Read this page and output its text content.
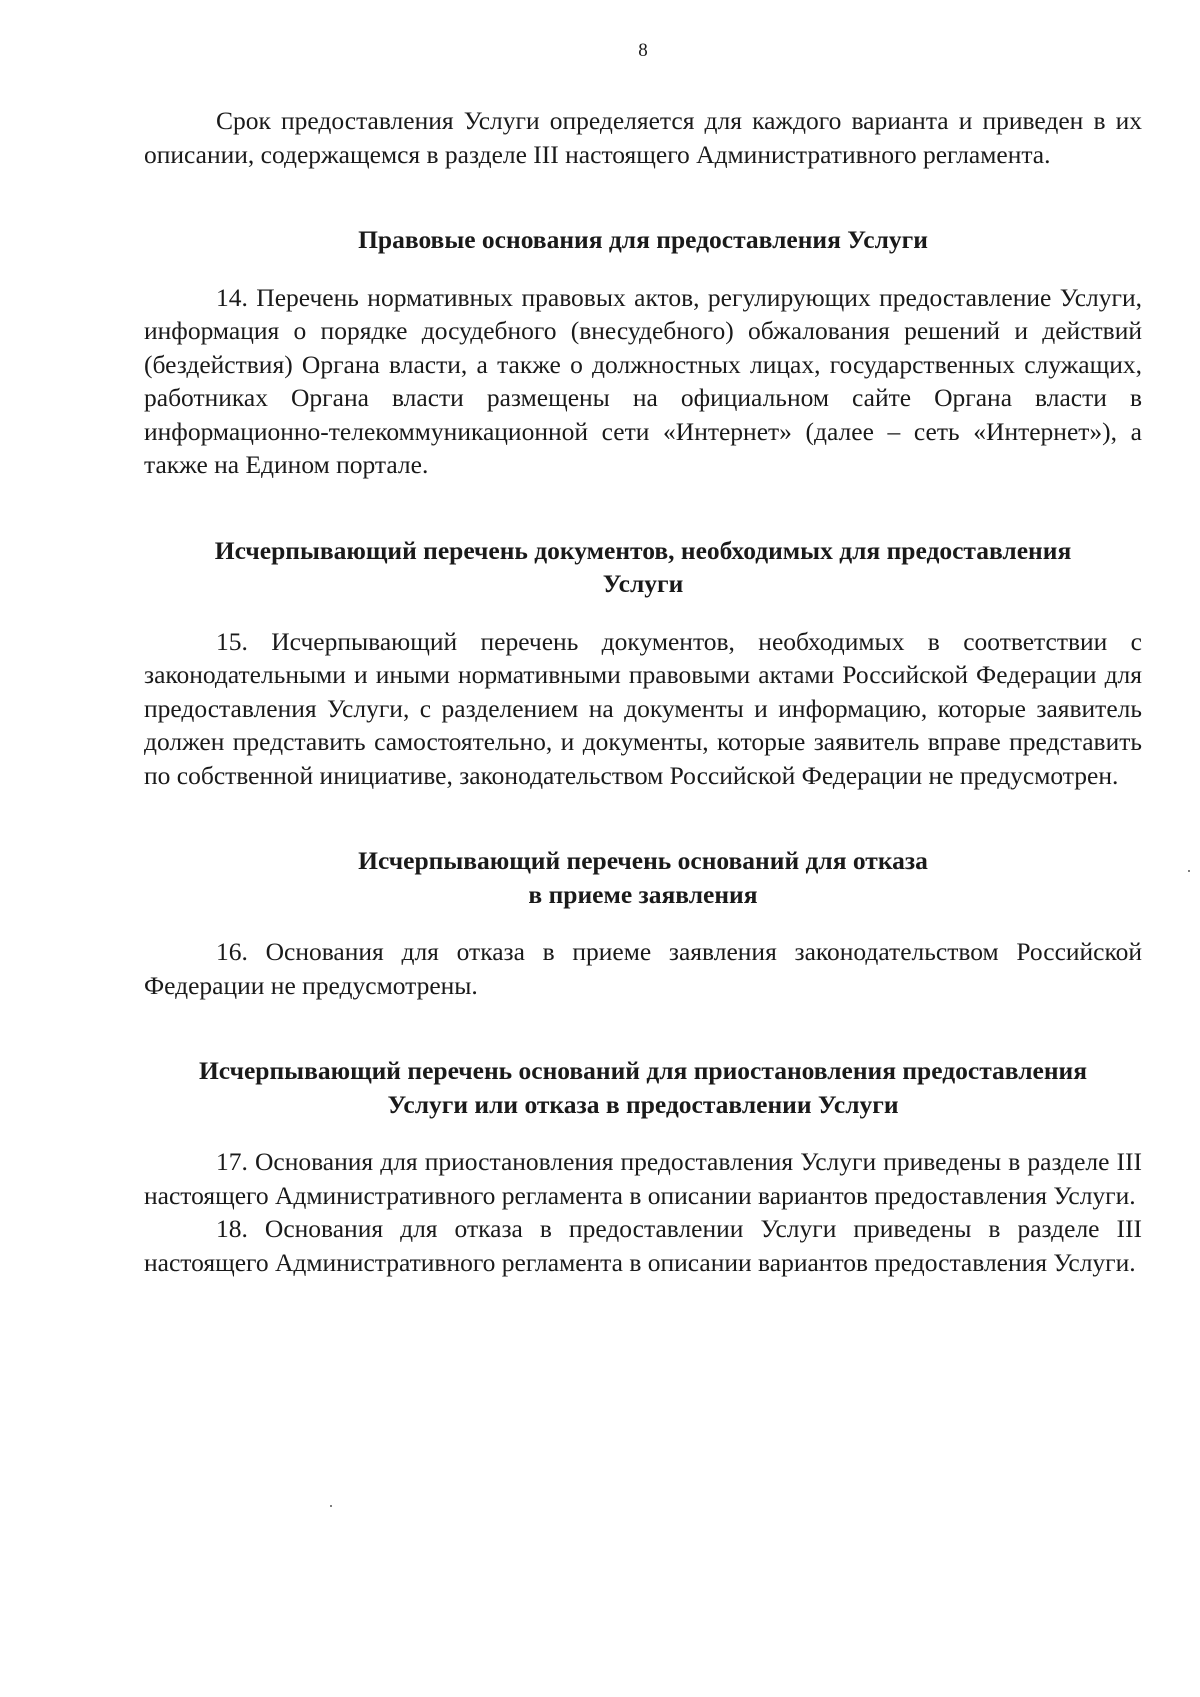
8

Срок предоставления Услуги определяется для каждого варианта и приведен в их описании, содержащемся в разделе III настоящего Административного регламента.

Правовые основания для предоставления Услуги

14. Перечень нормативных правовых актов, регулирующих предоставление Услуги, информация о порядке досудебного (внесудебного) обжалования решений и действий (бездействия) Органа власти, а также о должностных лицах, государственных служащих, работниках Органа власти размещены на официальном сайте Органа власти в информационно-телекоммуникационной сети «Интернет» (далее – сеть «Интернет»), а также на Едином портале.

Исчерпывающий перечень документов, необходимых для предоставления
Услуги

15. Исчерпывающий перечень документов, необходимых в соответствии с законодательными и иными нормативными правовыми актами Российской Федерации для предоставления Услуги, с разделением на документы и информацию, которые заявитель должен представить самостоятельно, и документы, которые заявитель вправе представить по собственной инициативе, законодательством Российской Федерации не предусмотрен.

Исчерпывающий перечень оснований для отказа
в приеме заявления

16. Основания для отказа в приеме заявления законодательством Российской Федерации не предусмотрены.

Исчерпывающий перечень оснований для приостановления предоставления
Услуги или отказа в предоставлении Услуги

17. Основания для приостановления предоставления Услуги приведены в разделе III настоящего Административного регламента в описании вариантов предоставления Услуги.

18. Основания для отказа в предоставлении Услуги приведены в разделе III настоящего Административного регламента в описании вариантов предоставления Услуги.
